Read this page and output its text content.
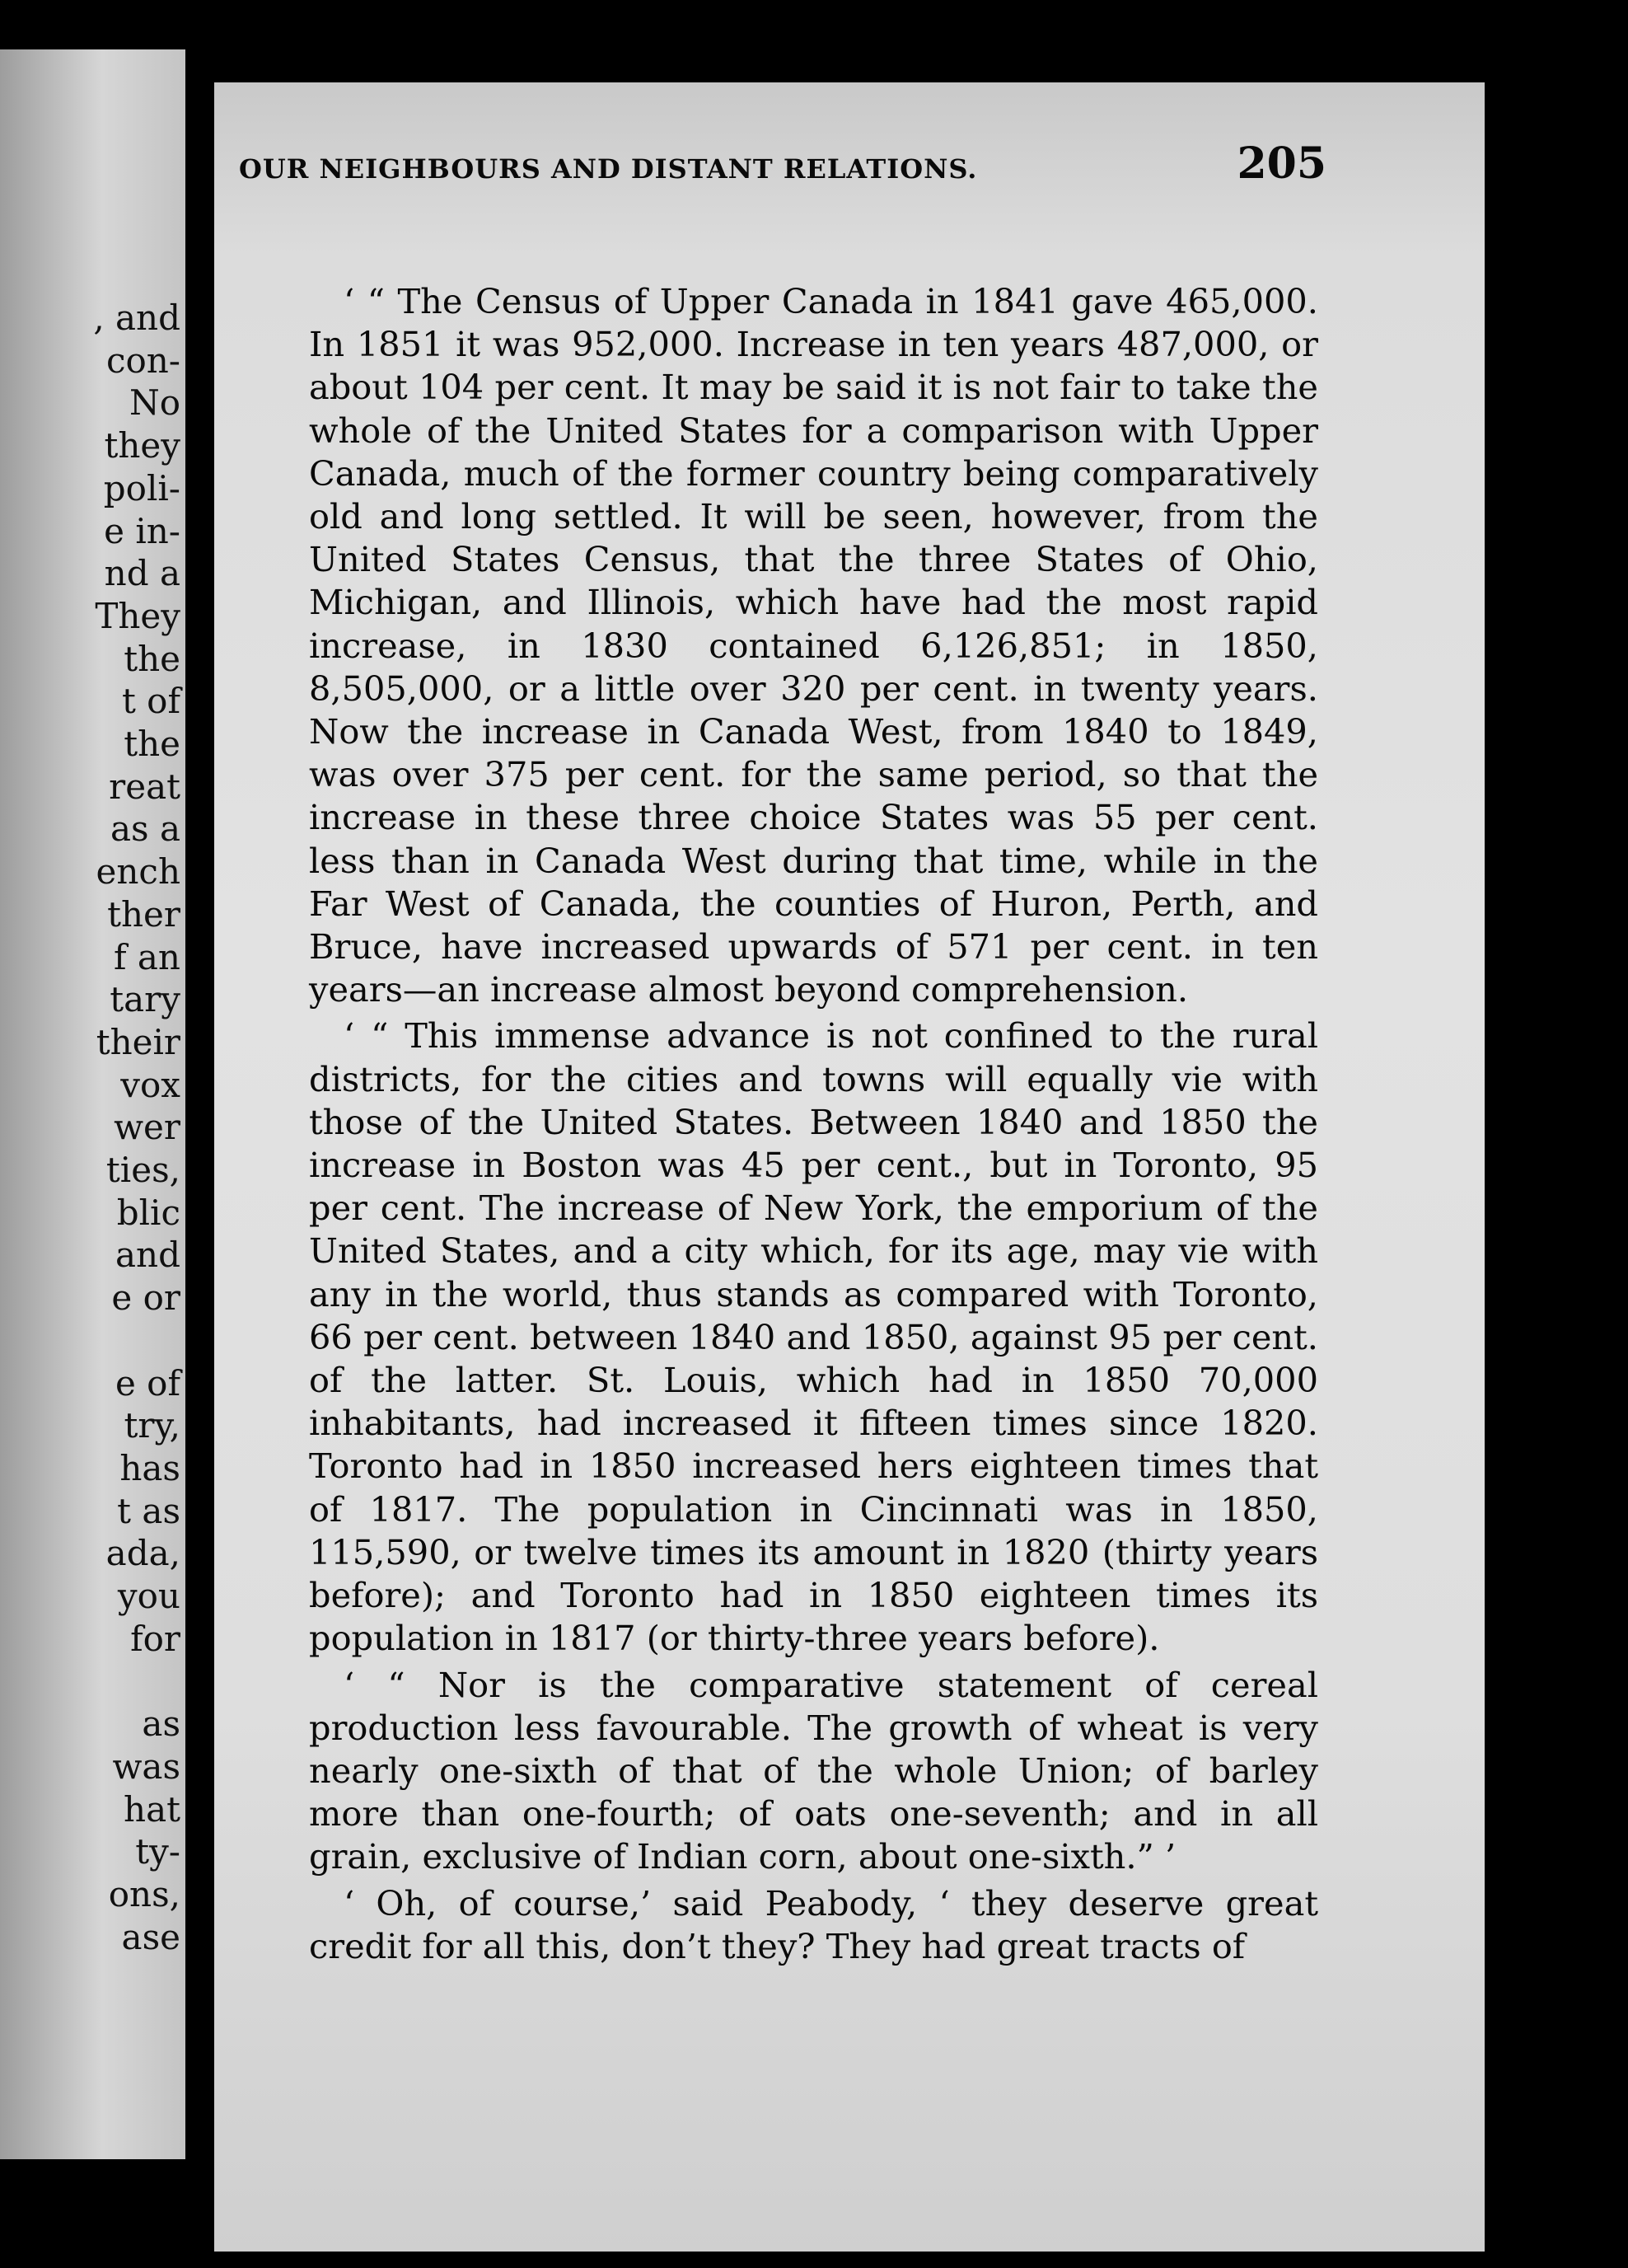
, and
con-
No
they
poli-
e in-
nd a
They
the
t of
the
reat
as a
ench
ther
f an
tary
their
vox
wer
ties,
blic
and
e or

e of
try,
has
t as
ada,
you
for

as
was
hat
ty-
ons,
ase
OUR NEIGHBOURS AND DISTANT RELATIONS.	205

‘ “ The Census of Upper Canada in 1841 gave 465,000. In 1851 it was 952,000. Increase in ten years 487,000, or about 104 per cent. It may be said it is not fair to take the whole of the United States for a comparison with Upper Canada, much of the former country being comparatively old and long settled. It will be seen, however, from the United States Census, that the three States of Ohio, Michigan, and Illinois, which have had the most rapid increase, in 1830 contained 6,126,851; in 1850, 8,505,000, or a little over 320 per cent. in twenty years. Now the increase in Canada West, from 1840 to 1849, was over 375 per cent. for the same period, so that the increase in these three choice States was 55 per cent. less than in Canada West during that time, while in the Far West of Canada, the counties of Huron, Perth, and Bruce, have increased upwards of 571 per cent. in ten years—an increase almost beyond comprehension.

‘ “ This immense advance is not confined to the rural districts, for the cities and towns will equally vie with those of the United States. Between 1840 and 1850 the increase in Boston was 45 per cent., but in Toronto, 95 per cent. The increase of New York, the emporium of the United States, and a city which, for its age, may vie with any in the world, thus stands as compared with Toronto, 66 per cent. between 1840 and 1850, against 95 per cent. of the latter. St. Louis, which had in 1850 70,000 inhabitants, had increased it fifteen times since 1820. Toronto had in 1850 increased hers eighteen times that of 1817. The population in Cincinnati was in 1850, 115,590, or twelve times its amount in 1820 (thirty years before); and Toronto had in 1850 eighteen times its population in 1817 (or thirty-three years before).

‘ “ Nor is the comparative statement of cereal production less favourable. The growth of wheat is very nearly one-sixth of that of the whole Union; of barley more than one-fourth; of oats one-seventh; and in all grain, exclusive of Indian corn, about one-sixth.” ’

‘ Oh, of course,’ said Peabody, ‘ they deserve great credit for all this, don’t they? They had great tracts of
